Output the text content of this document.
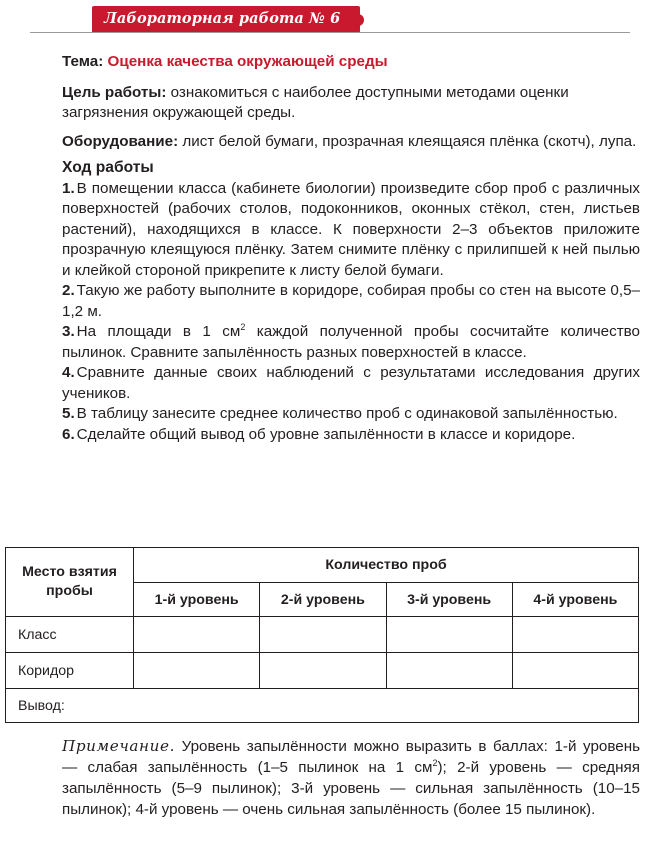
Лабораторная работа № 6

Тема: Оценка качества окружающей среды

Цель работы: ознакомиться с наиболее доступными методами оценки загрязнения окружающей среды.

Оборудование: лист белой бумаги, прозрачная клеящаяся плёнка (скотч), лупа.

Ход работы

1. В помещении класса (кабинете биологии) произведите сбор проб с различных поверхностей (рабочих столов, подоконников, оконных стёкол, стен, листьев растений), находящихся в классе. К поверхности 2–3 объектов приложите прозрачную клеящуюся плёнку. Затем снимите плёнку с прилипшей к ней пылью и клейкой стороной прикрепите к листу белой бумаги.

2. Такую же работу выполните в коридоре, собирая пробы со стен на высоте 0,5–1,2 м.

3. На площади в 1 $см^2$ каждой полученной пробы сосчитайте количество пылинок. Сравните запылённость разных поверхностей в классе.

4. Сравните данные своих наблюдений с результатами исследования других учеников.

5. В таблицу занесите среднее количество проб с одинаковой запылённостью.

6. Сделайте общий вывод об уровне запылённости в классе и коридоре.

Место взятия пробы	Количество проб			
	1-й уровень	2-й уровень	3-й уровень	4-й уровень
Класс				
Коридор				
Вывод:				

Примечание. Уровень запылённости можно выразить в баллах: 1-й уровень — слабая запылённость (1–5 пылинок на 1 $см^2$); 2-й уровень — средняя запылённость (5–9 пылинок); 3-й уровень — сильная запылённость (10–15 пылинок); 4-й уровень — очень сильная запылённость (более 15 пылинок).
